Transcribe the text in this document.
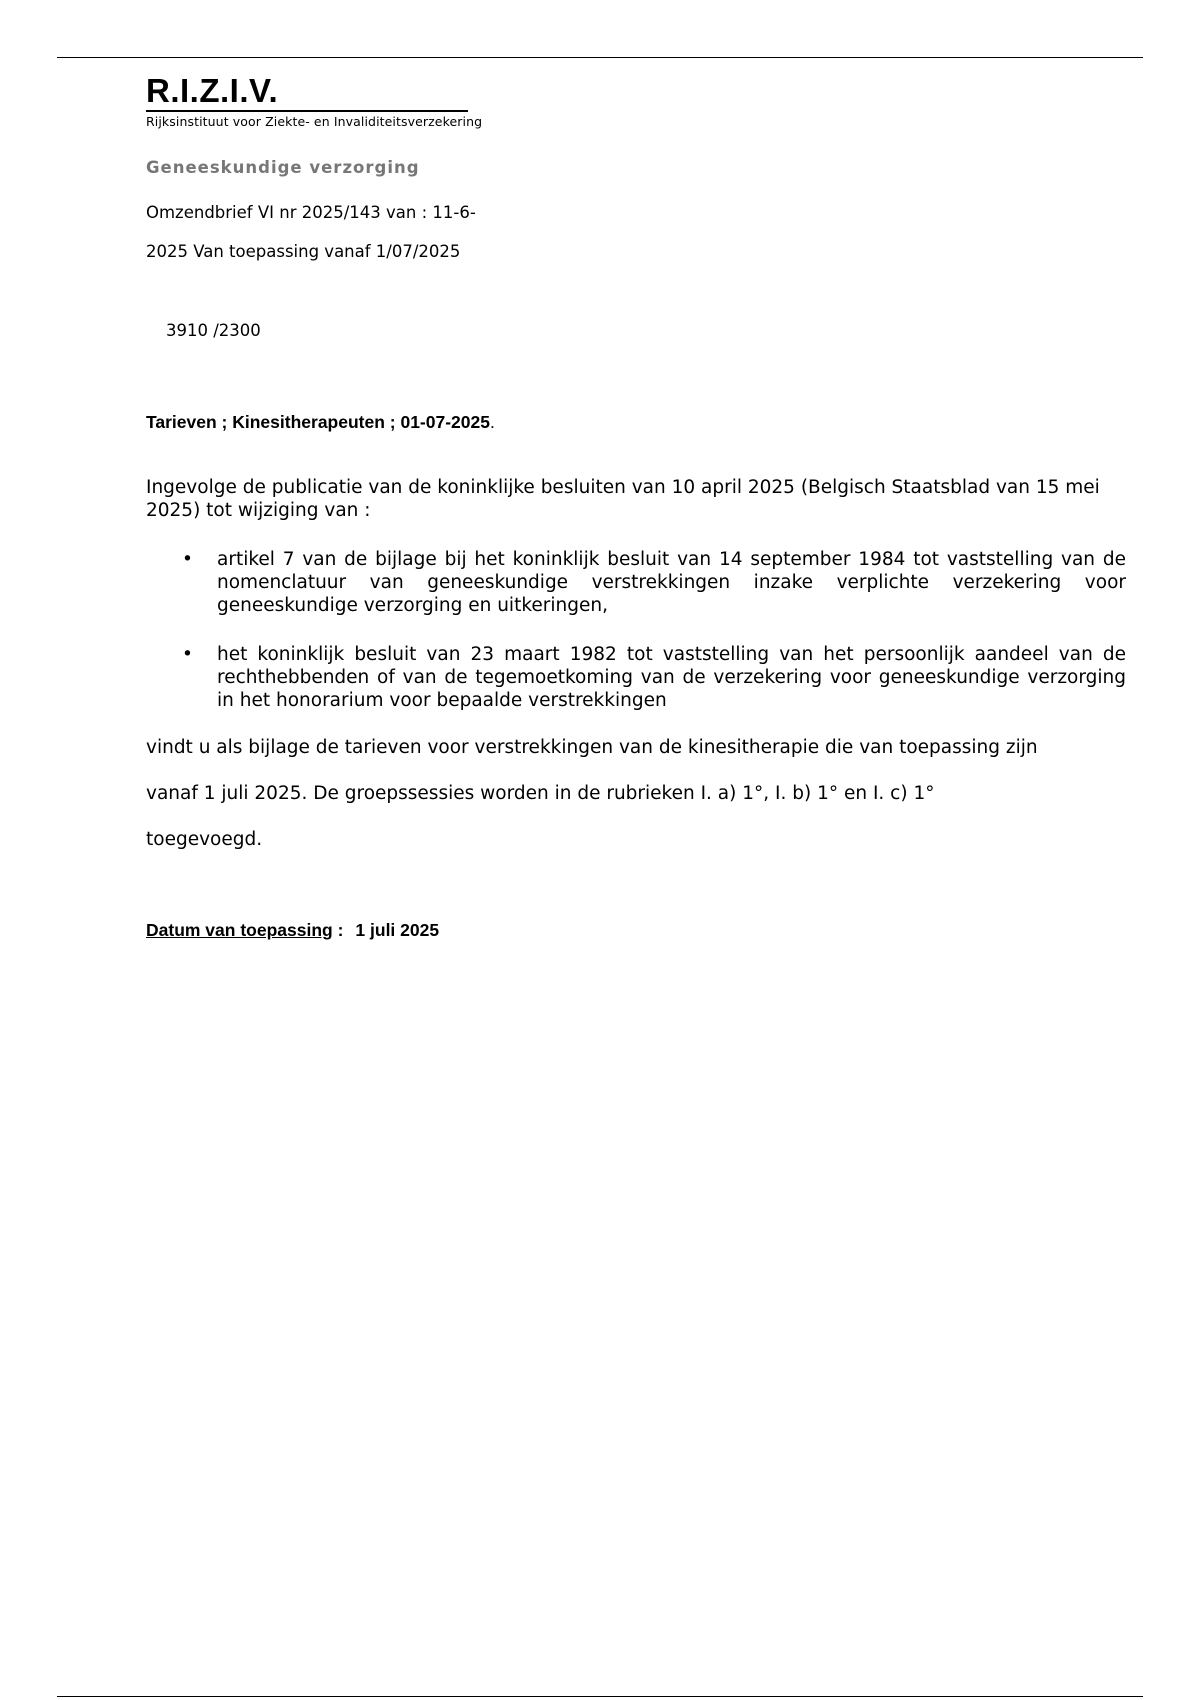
R.I.Z.I.V.
Rijksinstituut voor Ziekte- en Invaliditeitsverzekering
Geneeskundige verzorging
Omzendbrief VI nr 2025/143 van : 11-6-
2025 Van toepassing vanaf 1/07/2025
3910 /2300
Tarieven ; Kinesitherapeuten ; 01-07-2025.
Ingevolge de publicatie van de koninklijke besluiten van 10 april 2025 (Belgisch Staatsblad van 15 mei 2025) tot wijziging van :
• artikel 7 van de bijlage bij het koninklijk besluit van 14 september 1984 tot vaststelling van de nomenclatuur van geneeskundige verstrekkingen inzake verplichte verzekering voor geneeskundige verzorging en uitkeringen,
• het koninklijk besluit van 23 maart 1982 tot vaststelling van het persoonlijk aandeel van de rechthebbenden of van de tegemoetkoming van de verzekering voor geneeskundige verzorging in het honorarium voor bepaalde verstrekkingen
vindt u als bijlage de tarieven voor verstrekkingen van de kinesitherapie die van toepassing zijn
vanaf 1 juli 2025. De groepssessies worden in de rubrieken I. a) 1°, I. b) 1° en I. c) 1°
toegevoegd.
Datum van toepassing : 1 juli 2025
